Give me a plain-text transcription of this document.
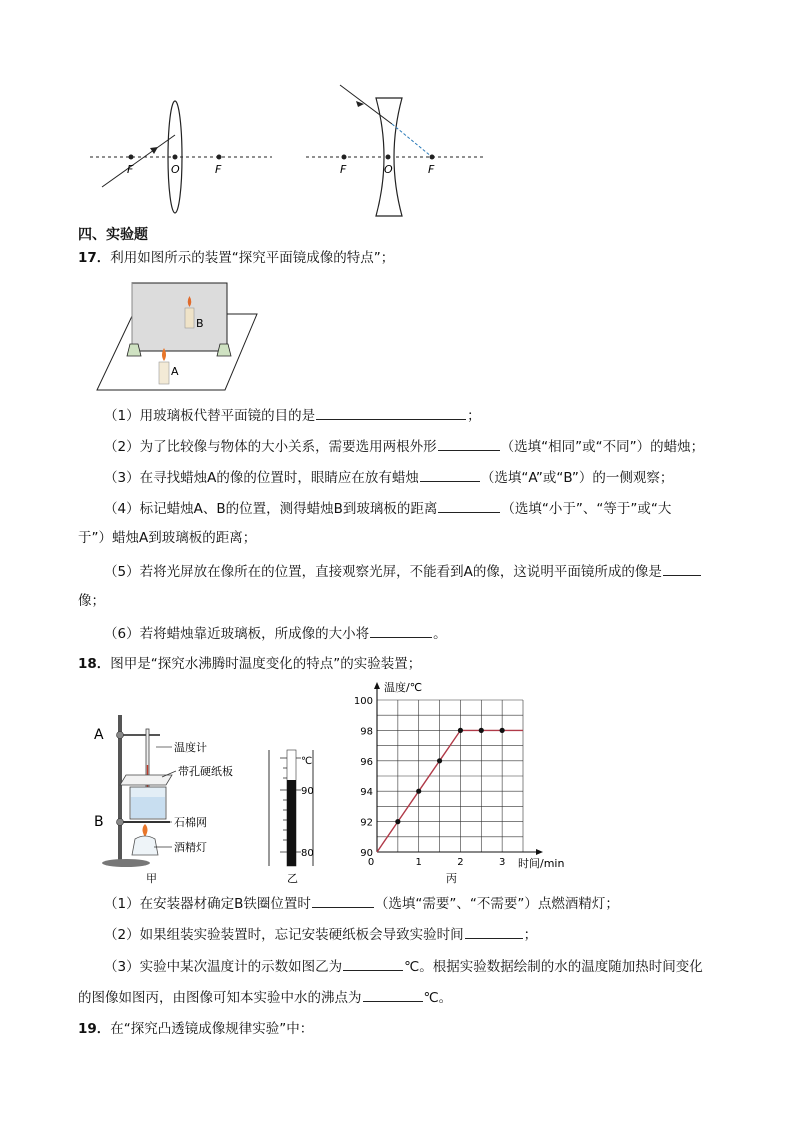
F	O	F	F	O	F
四、实验题
17．利用如图所示的装置“探究平面镜成像的特点”；
B
A
（1）用玻璃板代替平面镜的目的是	；
（2）为了比较像与物体的大小关系，需要选用两根外形	（选填“相同”或“不同”）的蜡烛；
（3）在寻找蜡烛A的像的位置时，眼睛应在放有蜡烛	（选填“A”或“B”）的一侧观察；
（4）标记蜡烛A、B的位置，测得蜡烛B到玻璃板的距离	（选填“小于”、“等于”或“大
于”）蜡烛A到玻璃板的距离；
（5）若将光屏放在像所在的位置，直接观察光屏，不能看到A的像，这说明平面镜所成的像是
像；
（6）若将蜡烛靠近玻璃板，所成像的大小将	。
18．图甲是“探究水沸腾时温度变化的特点”的实验装置；
A
B
温度计
带孔硬纸板
石棉网
酒精灯
甲
℃
90
80
乙
90
92
94
96
98
100
1	2	3
0
温度/℃
时间/min
丙
（1）在安装器材确定B铁圈位置时	（选填“需要”、“不需要”）点燃酒精灯；
（2）如果组装实验装置时，忘记安装硬纸板会导致实验时间	；
（3）实验中某次温度计的示数如图乙为	℃。根据实验数据绘制的水的温度随加热时间变化
的图像如图丙，由图像可知本实验中水的沸点为	℃。
19．在“探究凸透镜成像规律实验”中：
